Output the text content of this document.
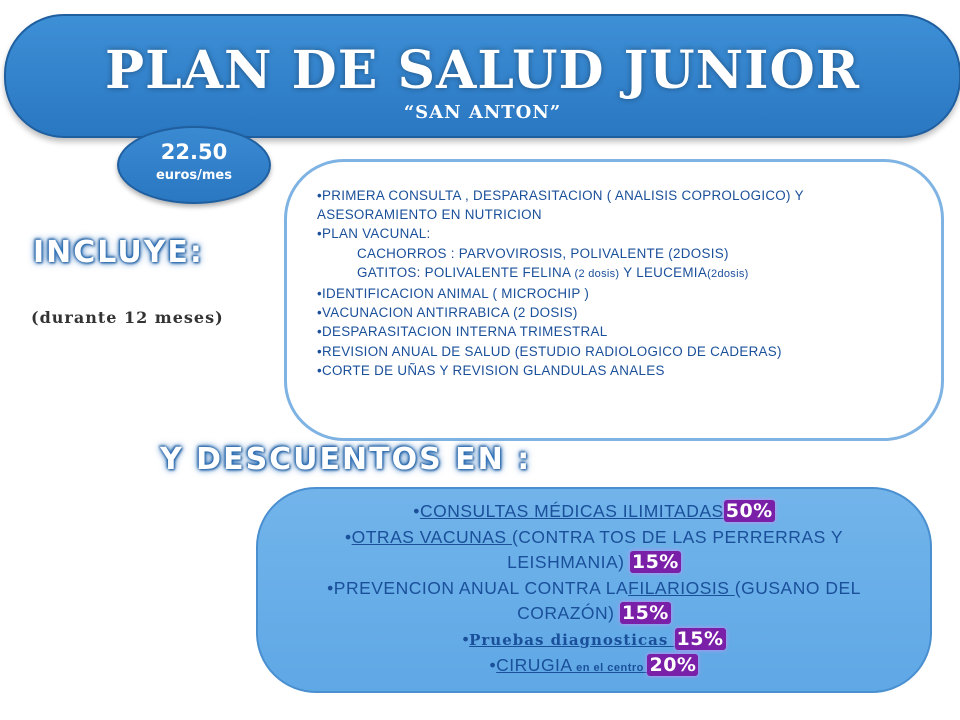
PLAN DE SALUD JUNIOR
“SAN ANTON”
22.50
euros/mes
INCLUYE:
(durante 12 meses)
•PRIMERA CONSULTA , DESPARASITACION ( ANALISIS COPROLOGICO) Y ASESORAMIENTO EN NUTRICION
•PLAN VACUNAL:
CACHORROS : PARVOVIROSIS, POLIVALENTE (2DOSIS)
GATITOS: POLIVALENTE FELINA (2 dosis) Y LEUCEMIA(2dosis)
•IDENTIFICACION ANIMAL ( MICROCHIP )
•VACUNACION ANTIRRABICA (2 DOSIS)
•DESPARASITACION INTERNA TRIMESTRAL
•REVISION ANUAL DE SALUD (ESTUDIO RADIOLOGICO DE CADERAS)
•CORTE DE UÑAS Y REVISION GLANDULAS ANALES
Y DESCUENTOS EN :
•CONSULTAS MÉDICAS ILIMITADAS 50%
•OTRAS VACUNAS (CONTRA TOS DE LAS PERRERRAS Y LEISHMANIA) 15%
•PREVENCION ANUAL CONTRA LAFILARIOSIS (GUSANO DEL CORAZÓN) 15%
•Pruebas diagnosticas 15%
•CIRUGIA en el centro 20%
